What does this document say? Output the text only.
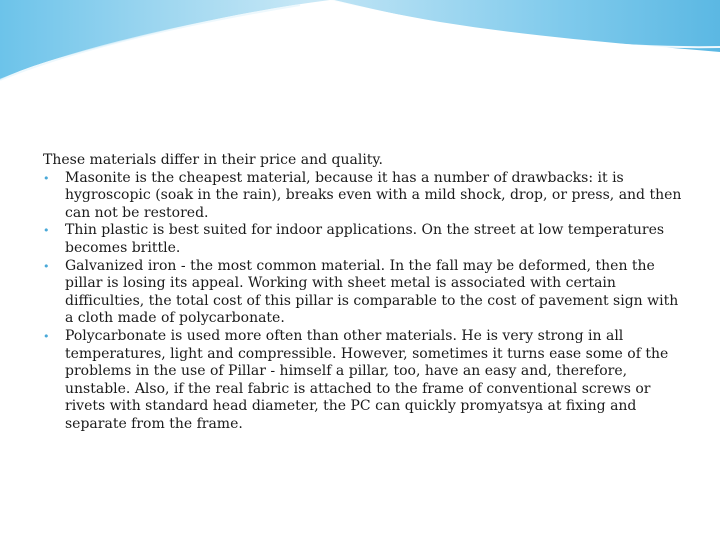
These materials differ in their price and quality.

•	Masonite is the cheapest material, because it has a number of drawbacks: it is hygroscopic (soak in the rain), breaks even with a mild shock, drop, or press, and then can not be restored.
•	Thin plastic is best suited for indoor applications. On the street at low temperatures becomes brittle.
•	Galvanized iron - the most common material. In the fall may be deformed, then the pillar is losing its appeal. Working with sheet metal is associated with certain difficulties, the total cost of this pillar is comparable to the cost of pavement sign with a cloth made of polycarbonate.
•	Polycarbonate is used more often than other materials. He is very strong in all temperatures, light and compressible. However, sometimes it turns ease some of the problems in the use of Pillar - himself a pillar, too, have an easy and, therefore, unstable. Also, if the real fabric is attached to the frame of conventional screws or rivets with standard head diameter, the PC can quickly promyatsya at fixing and separate from the frame.
